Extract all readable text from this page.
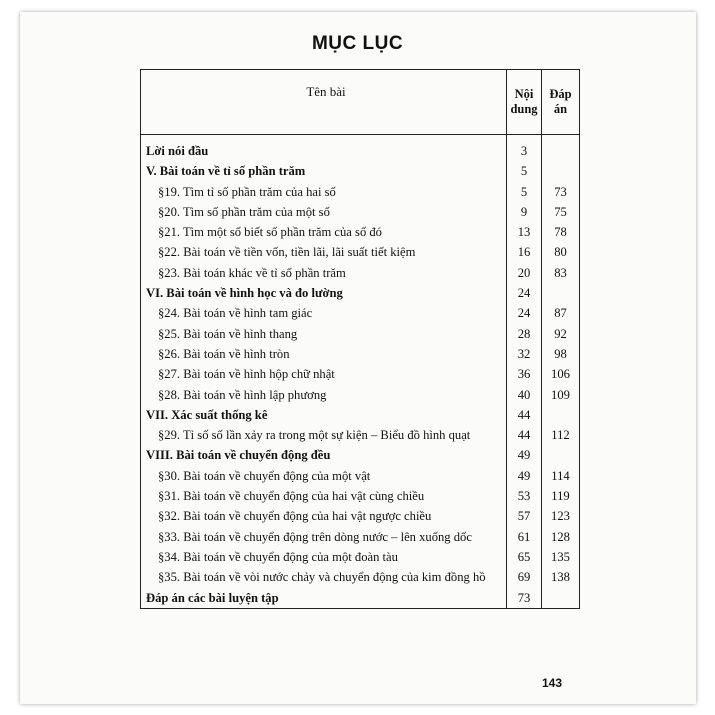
MỤC LỤC
Tên bài	Nội dung	Đáp án
Lời nói đầu	3	
V. Bài toán về tỉ số phần trăm	5	
§19. Tìm tỉ số phần trăm của hai số	5	73
§20. Tìm số phần trăm của một số	9	75
§21. Tìm một số biết số phần trăm của số đó	13	78
§22. Bài toán về tiền vốn, tiền lãi, lãi suất tiết kiệm	16	80
§23. Bài toán khác về tỉ số phần trăm	20	83
VI. Bài toán về hình học và đo lường	24	
§24. Bài toán về hình tam giác	24	87
§25. Bài toán về hình thang	28	92
§26. Bài toán về hình tròn	32	98
§27. Bài toán về hình hộp chữ nhật	36	106
§28. Bài toán về hình lập phương	40	109
VII. Xác suất thống kê	44	
§29. Tỉ số số lần xảy ra trong một sự kiện – Biểu đồ hình quạt	44	112
VIII. Bài toán về chuyển động đều	49	
§30. Bài toán về chuyển động của một vật	49	114
§31. Bài toán về chuyển động của hai vật cùng chiều	53	119
§32. Bài toán về chuyển động của hai vật ngược chiều	57	123
§33. Bài toán về chuyển động trên dòng nước – lên xuống dốc	61	128
§34. Bài toán về chuyển động của một đoàn tàu	65	135
§35. Bài toán về vòi nước chảy và chuyển động của kim đồng hồ	69	138
Đáp án các bài luyện tập	73	
143
